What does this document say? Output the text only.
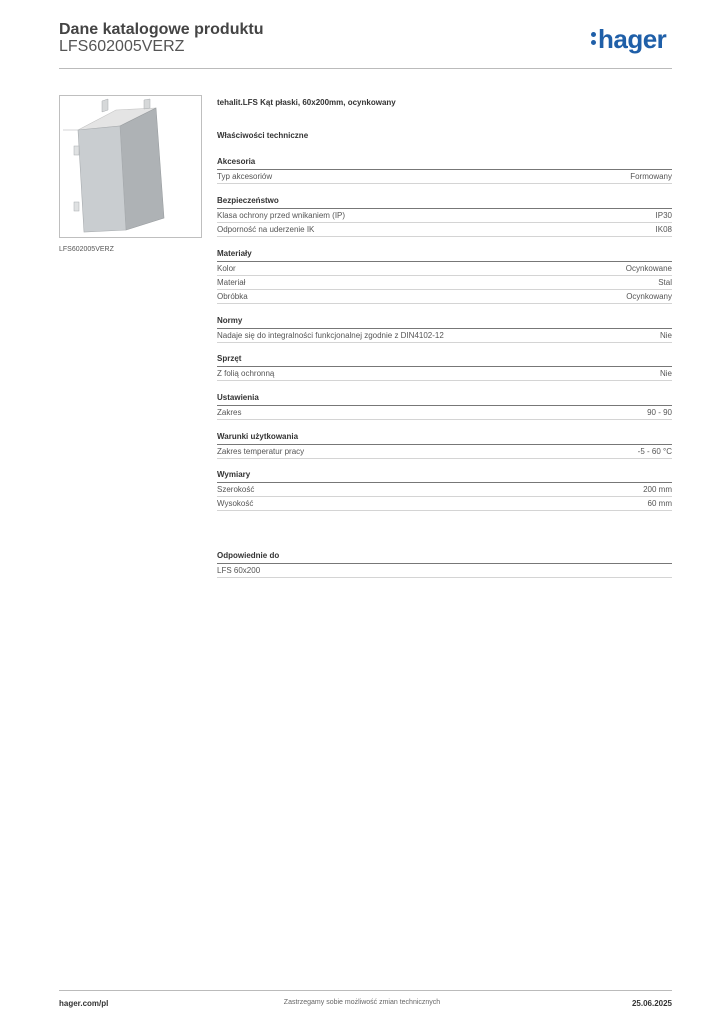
Dane katalogowe produktu
LFS602005VERZ	hager
LFS602005VERZ
tehalit.LFS Kąt płaski, 60x200mm, ocynkowany
Właściwości techniczne
Akcesoria
Typ akcesoriów	Formowany
Bezpieczeństwo
Klasa ochrony przed wnikaniem (IP)	IP30
Odporność na uderzenie IK	IK08
Materiały
Kolor	Ocynkowane
Materiał	Stal
Obróbka	Ocynkowany
Normy
Nadaje się do integralności funkcjonalnej zgodnie z DIN4102-12	Nie
Sprzęt
Z folią ochronną	Nie
Ustawienia
Zakres	90 - 90
Warunki użytkowania
Zakres temperatur pracy	-5 - 60 °C
Wymiary
Szerokość	200 mm
Wysokość	60 mm
Odpowiednie do
LFS 60x200
hager.com/pl	Zastrzegamy sobie możliwość zmian technicznych	25.06.2025
